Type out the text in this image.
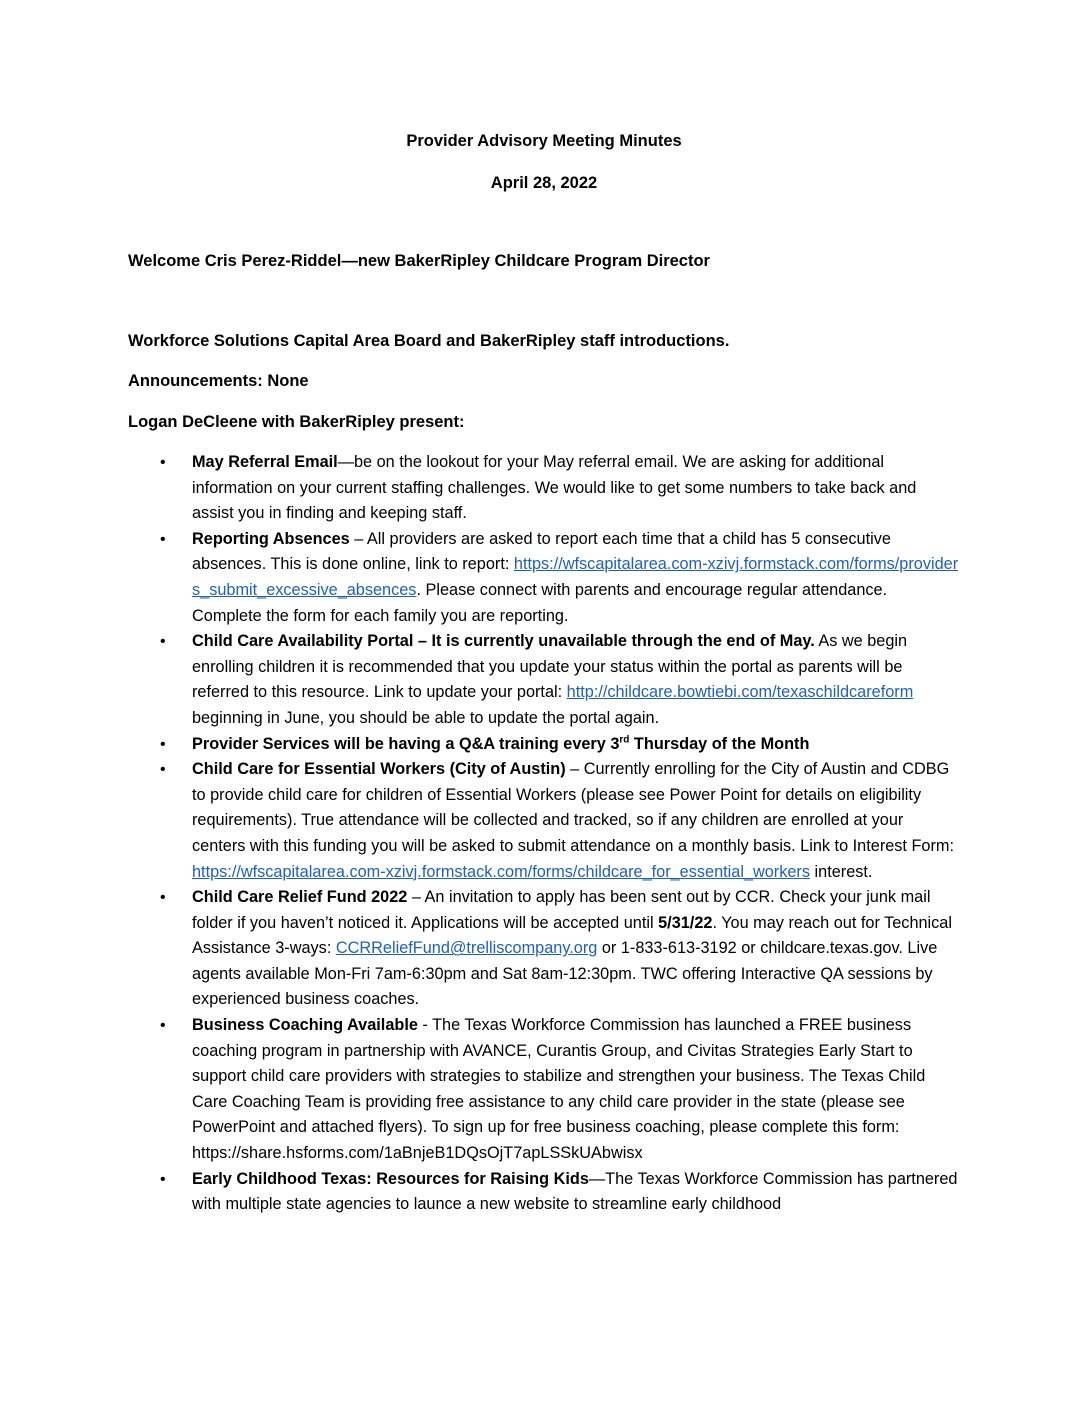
Provider Advisory Meeting Minutes
April 28, 2022
Welcome Cris Perez-Riddel—new BakerRipley Childcare Program Director
Workforce Solutions Capital Area Board and BakerRipley staff introductions.
Announcements: None
Logan DeCleene with BakerRipley present:
• May Referral Email—be on the lookout for your May referral email. We are asking for additional information on your current staffing challenges. We would like to get some numbers to take back and assist you in finding and keeping staff.
• Reporting Absences – All providers are asked to report each time that a child has 5 consecutive absences. This is done online, link to report: https://wfscapitalarea.com-xzivj.formstack.com/forms/providers_submit_excessive_absences. Please connect with parents and encourage regular attendance. Complete the form for each family you are reporting.
• Child Care Availability Portal – It is currently unavailable through the end of May. As we begin enrolling children it is recommended that you update your status within the portal as parents will be referred to this resource. Link to update your portal: http://childcare.bowtiebi.com/texaschildcareform beginning in June, you should be able to update the portal again.
• Provider Services will be having a Q&A training every 3rd Thursday of the Month
• Child Care for Essential Workers (City of Austin) – Currently enrolling for the City of Austin and CDBG to provide child care for children of Essential Workers (please see Power Point for details on eligibility requirements). True attendance will be collected and tracked, so if any children are enrolled at your centers with this funding you will be asked to submit attendance on a monthly basis. Link to Interest Form: https://wfscapitalarea.com-xzivj.formstack.com/forms/childcare_for_essential_workers interest.
• Child Care Relief Fund 2022 – An invitation to apply has been sent out by CCR. Check your junk mail folder if you haven’t noticed it. Applications will be accepted until 5/31/22. You may reach out for Technical Assistance 3-ways: CCRReliefFund@trelliscompany.org or 1-833-613-3192 or childcare.texas.gov. Live agents available Mon-Fri 7am-6:30pm and Sat 8am-12:30pm. TWC offering Interactive QA sessions by experienced business coaches.
• Business Coaching Available - The Texas Workforce Commission has launched a FREE business coaching program in partnership with AVANCE, Curantis Group, and Civitas Strategies Early Start to support child care providers with strategies to stabilize and strengthen your business. The Texas Child Care Coaching Team is providing free assistance to any child care provider in the state (please see PowerPoint and attached flyers). To sign up for free business coaching, please complete this form: https://share.hsforms.com/1aBnjeB1DQsOjT7apLSSkUAbwisx
• Early Childhood Texas: Resources for Raising Kids—The Texas Workforce Commission has partnered with multiple state agencies to launce a new website to streamline early childhood
